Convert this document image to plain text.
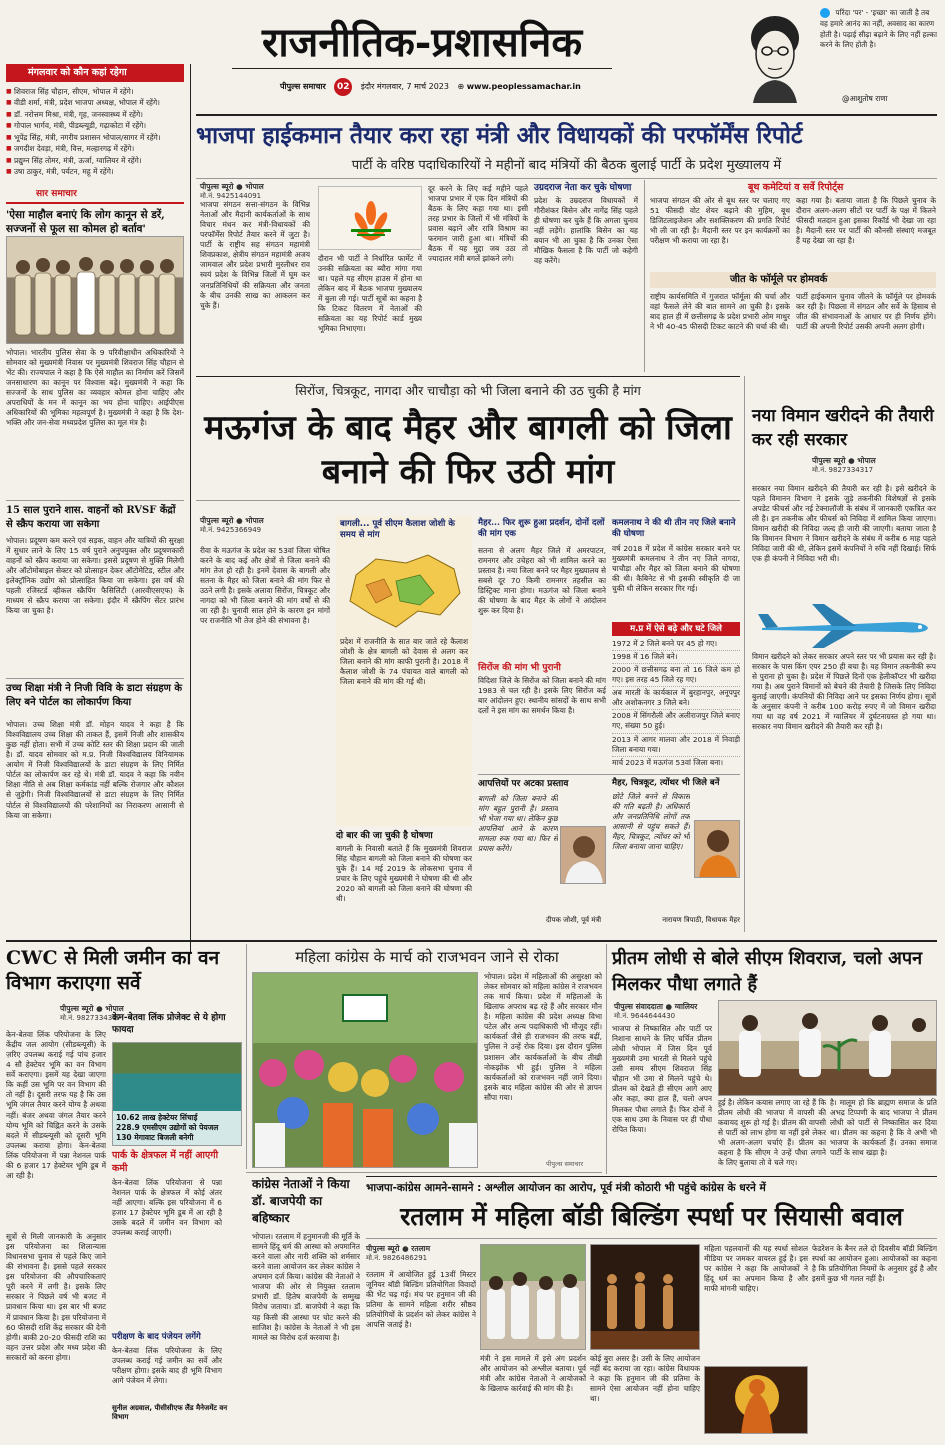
राजनीतिक-प्रशासनिक
पीपुल्स समाचार 02 इंदौर मंगलवार, 7 मार्च 2023 ⊕ www.peoplessamachar.in
परिंदा 'पर' - 'इच्छा' का जाती है तब वह हमारे आनंद का नहीं, अवसाद का कारण होती है। पढ़ाई सीढ़ा बढ़ाने के लिए नहीं हल्का करने के लिए होती है।
@आशुतोष राणा
मंगलवार को कौन कहां रहेगा
■ शिवराज सिंह चौहान, सीएम, भोपाल में रहेंगे।
■ वीडी शर्मा, मंत्री, प्रदेश भाजपा अध्यक्ष, भोपाल में रहेंगे।
■ डॉ. नरोत्तम मिश्रा, मंत्री, गृह, जनस्वास्थ्य में रहेंगे।
■ गोपाल भार्गव, मंत्री, पीडब्ल्यूडी, गढ़ाकोटा में रहेंगे।
■ भूपेंद्र सिंह, मंत्री, नगरीय प्रशासन भोपाल/सागर में रहेंगे।
■ जगदीश देवड़ा, मंत्री, वित्त, मल्हारगढ़ में रहेंगे।
■ प्रद्युम्न सिंह तोमर, मंत्री, ऊर्जा, ग्वालियर में रहेंगे।
■ उषा ठाकुर, मंत्री, पर्यटन, महू में रहेंगे।
सार समाचार
'ऐसा माहौल बनाएं कि लोग कानून से डरें, सज्जनों से फूल सा कोमल हो बर्ताव'
भोपाल। भारतीय पुलिस सेवा के 9 परिवीक्षाधीन अधिकारियों ने सोमवार को मुख्यमंत्री निवास पर मुख्यमंत्री शिवराज सिंह चौहान से भेंट की। राज्यपाल ने कहा है कि ऐसे माहौल का निर्माण करें जिसमें जनसाधारण का कानून पर विश्वास बढ़े। मुख्यमंत्री ने कहा कि सज्जनों के साथ पुलिस का व्यवहार कोमल होना चाहिए और अपराधियों के मन में कानून का भय होना चाहिए। आईपीएस अधिकारियों की भूमिका महत्वपूर्ण है। मुख्यमंत्री ने कहा है कि देश-भक्ति और जन-सेवा मध्यप्रदेश पुलिस का मूल मंत्र है।
15 साल पुराने शास. वाहनों को RVSF केंद्रों से स्क्रैप कराया जा सकेगा
भोपाल। प्रदूषण कम करने एवं सड़क, वाहन और यात्रियों की सुरक्षा में सुधार लाने के लिए 15 वर्ष पुराने अनुपयुक्त और प्रदूषणकारी वाहनों को स्क्रैप कराया जा सकेगा। इससे प्रदूषण से मुक्ति मिलेगी और ऑटोमोबाइल सेक्टर को प्रोत्साहन देकर ऑटोमेटिड, स्टील और इलेक्ट्रॉनिक उद्योग को प्रोत्साहित किया जा सकेगा। इस वर्ष की पहली रजिस्टर्ड व्हीकल स्क्रैपिंग फैसिलिटी (आरवीएसएफ) के माध्यम से स्क्रैप कराया जा सकेगा। इंदौर में स्क्रैपिंग सेंटर प्रारंभ किया जा चुका है।
उच्च शिक्षा मंत्री ने निजी विवि के डाटा संग्रहण के लिए बने पोर्टल का लोकार्पण किया
भोपाल। उच्च शिक्षा मंत्री डॉ. मोहन यादव ने कहा है कि विश्वविद्यालय उच्च शिक्षा की ताकत हैं, इसमें निजी और शासकीय कुछ नहीं होता। सभी में उच्च कोटि स्तर की शिक्षा प्रदान की जाती है। डॉ. यादव सोमवार को म.प्र. निजी विश्वविद्यालय विनियामक आयोग में निजी विश्वविद्यालयों के डाटा संग्रहण के लिए निर्मित पोर्टल का लोकार्पण कर रहे थे। मंत्री डॉ. यादव ने कहा कि नवीन शिक्षा नीति से अब शिक्षा कर्मकांड नहीं बल्कि रोजगार और कौशल से जुड़ेगी। निजी विश्वविद्यालयों से डाटा संग्रहण के लिए निर्मित पोर्टल से विश्वविद्यालयों की परेशानियों का निराकरण आसानी से किया जा सकेगा।
भाजपा हाईकमान तैयार करा रहा मंत्री और विधायकों की परफॉर्मेंस रिपोर्ट
पार्टी के वरिष्ठ पदाधिकारियों ने महीनों बाद मंत्रियों की बैठक बुलाई पार्टी के प्रदेश मुख्यालय में
पीपुल्स ब्यूरो ● भोपाल
मो.नं. 9425144091
भाजपा संगठन सत्ता-संगठन के विभिन्न नेताओं और मैदानी कार्यकर्ताओं के साथ विचार मंथन कर मंत्री-विधायकों की परफॉर्मेंस रिपोर्ट तैयार करने में जुटा है। पार्टी के राष्ट्रीय सह संगठन महामंत्री शिवप्रकाश, क्षेत्रीय संगठन महामंत्री अजय जामवाल और प्रदेश प्रभारी मुरलीधर राव स्वयं प्रदेश के विभिन्न जिलों में घूम कर जनप्रतिनिधियों की सक्रियता और जनता के बीच उनकी साख का आकलन कर चुके हैं।
दौरान भी पार्टी ने निर्धारित फार्मेट में उनकी सक्रियता का ब्यौरा मांगा गया था। पहले यह सीएम हाउस में होना था लेकिन बाद में बैठक भाजपा मुख्यालय में बुला ली गई। पार्टी सूत्रों का कहना है कि टिकट वितरण में नेताओं की सक्रियता का यह रिपोर्ट कार्ड मुख्य भूमिका निभाएगा।
दूर करने के लिए कई महीने पहले भाजपा प्रभार में एक दिन मंत्रियों की बैठक के लिए कहा गया था। इसी तरह प्रभार के जिलों में भी मंत्रियों के प्रवास बढ़ाने और रात्रि विश्राम का फरमान जारी हुआ था। मंत्रियों की बैठक में यह मुद्दा जब उठा तो ज्यादातर मंत्री बगलें झांकने लगे।
उग्रदराज नेता कर चुके घोषणा
प्रदेश के उम्रदराज विधायकों में गौरीशंकर बिसेन और नागेंद्र सिंह पहले ही घोषणा कर चुके हैं कि अगला चुनाव नहीं लड़ेंगे। हालांकि बिसेन का यह बयान भी आ चुका है कि उनका ऐसा मौखिक फैसला है कि पार्टी जो कहेगी वह करेंगे।
बूथ कमेटियां व सर्वे रिपोर्ट्स
भाजपा संगठन की ओर से बूथ स्तर पर चलाए गए 51 फीसदी वोट शेयर बढ़ाने की मुहिम, बूथ डिजिटलाइजेशन और सशक्तिकरण की प्रगति रिपोर्ट भी ली जा रही है। मैदानी स्तर पर इन कार्यक्रमों का परीक्षण भी कराया जा रहा है।
कहा गया है। बताया जाता है कि पिछले चुनाव के दौरान अलग-अलग सीटों पर पार्टी के पक्ष में कितने फीसदी मतदान हुआ इसका रिकॉर्ड भी देखा जा रहा है। मैदानी स्तर पर पार्टी की कौनसी संस्थाएं मजबूत हैं यह देखा जा रहा है।
जीत के फॉर्मूले पर होमवर्क
राष्ट्रीय कार्यसमिति में गुजरात फॉर्मूला की चर्चा और वहां फैसले लेने की बात सामने आ चुकी है। इसके बाद हाल ही में छत्तीसगढ़ के प्रदेश प्रभारी ओम माथुर ने भी 40-45 फीसदी टिकट काटने की चर्चा की थी।
पार्टी हाईकमान चुनाव जीतने के फॉर्मूले पर होमवर्क कर रही है। पिछला में संगठन और सर्वे के हिसाब से जीत की संभावनाओं के आधार पर ही निर्णय होंगे। पार्टी की अपनी रिपोर्ट उसकी अपनी अलग होगी।
सिरोंज, चित्रकूट, नागदा और चाचौड़ा को भी जिला बनाने की उठ चुकी है मांग
मऊगंज के बाद मैहर और बागली को जिला बनाने की फिर उठी मांग
पीपुल्स ब्यूरो ● भोपाल
मो.नं. 9425366949
रीवा के मऊगंज के प्रदेश का 53वां जिला घोषित करने के बाद कई और क्षेत्रों से जिला बनाने की मांग तेज हो रही है। इनमें देवास के बागली और सतना के मैहर को जिला बनाने की मांग फिर से उठने लगी है। इसके अलावा सिरोंज, चित्रकूट और नागदा को भी जिला बनाने की मांग वर्षों से की जा रही है। चुनावी साल होने के कारण इन मांगों पर राजनीति भी तेज होने की संभावना है।
बागली... पूर्व सीएम कैलाश जोशी के समय से मांग
प्रदेश में राजनीति के सात बार जाते रहे कैलाश जोशी के क्षेत्र बागली को देवास से अलग कर जिला बनाने की मांग काफी पुरानी है। 2018 में कैलाश जोशी के 74 पंचायत वाले बागली को जिला बनाने की मांग की गई थी।
दो बार की जा चुकी है घोषणा
बागली के निवासी बताते हैं कि मुख्यमंत्री शिवराज सिंह चौहान बागली को जिला बनाने की घोषणा कर चुके हैं। 14 मई 2019 के लोकसभा चुनाव में प्रचार के लिए पहुंचे मुख्यमंत्री ने घोषणा की थी और 2020 को बागली को जिला बनाने की घोषणा की थी।
मैहर... फिर शुरू हुआ प्रदर्शन, दोनों दलों की मांग एक
सतना से अलग मैहर जिले में अमरपाटन, रामनगर और उचेहरा को भी शामिल करने का प्रस्ताव है। नया जिला बनने पर मैहर मुख्यालय से सबसे दूर 70 किमी रामनगर तहसील का डिस्ट्रिक्ट माना होगा। मऊगंज को जिला बनाने की घोषणा के बाद मैहर के लोगों ने आंदोलन शुरू कर दिया है।
सिरोंज की मांग भी पुरानी
विदिशा जिले के सिरोंज को जिला बनाने की मांग 1983 से चल रही है। इसके लिए सिरोंज कई बार आंदोलन हुए। स्थानीय सांसदों के साथ सभी दलों ने इस मांग का समर्थन किया है।
कमलनाथ ने की थी तीन नए जिले बनाने की घोषणा
वर्ष 2018 में प्रदेश में कांग्रेस सरकार बनने पर मुख्यमंत्री कमलनाथ ने तीन नए जिले नागदा, चाचौड़ा और मैहर को जिला बनाने की घोषणा की थी। कैबिनेट से भी इसकी स्वीकृति दी जा चुकी थी लेकिन सरकार गिर गई।
म.प्र में ऐसे बढ़े और घटे जिले
1972 में 2 जिले बनने पर 45 हो गए।
1998 में 16 जिले बने।
2000 में छत्तीसगढ़ बना तो 16 जिले कम हो गए। इस तरह 45 जिले रह गए।
अब मारती के कार्यकाल में बुरहानपुर, अनूपपुर और अशोकनगर 3 जिले बने।
2008 में सिंगरौली और अलीराजपुर जिले बनाए गए, संख्या 50 हुई।
2013 में आगर मालवा और 2018 में निवाड़ी जिला बनाया गया।
मार्च 2023 में मऊगंज 53वां जिला बना।
आपत्तियों पर अटका प्रस्ताव
बागली को जिला बनाने की मांग बहुत पुरानी है। प्रस्ताव भी भेजा गया था। लेकिन कुछ आपत्तियां आने के कारण मामला रुक गया था। फिर से प्रयास करेंगे।
दीपक जोशी, पूर्व मंत्री
मैहर, चित्रकूट, त्योंथर भी जिले बनें
छोटे जिले बनने से विकास की गति बढ़ती है। अधिकारी और जनप्रतिनिधि लोगों तक आसानी से पहुंच सकते हैं। मैहर, चित्रकूट, त्योंथर को भी जिला बनाया जाना चाहिए।
नारायण त्रिपाठी, विधायक मैहर
नया विमान खरीदने की तैयारी कर रही सरकार
पीपुल्स ब्यूरो ● भोपाल
मो.नं. 9827334317
सरकार नया विमान खरीदने की तैयारी कर रही है। इसे खरीदने के पहले विमानन विभाग ने इसके जुड़े तकनीकी विशेषज्ञों से इसके अपडेट फीचर्स और नई टेक्नालॉजी के संबंध में जानकारी एकत्रित कर ली है। इन तकनीक और फीचर्स को निविदा में शामिल किया जाएगा। विमान खरीदी की निविदा जल्द ही जारी की जाएगी। बताया जाता है कि विमानन विभाग ने विमान खरीदने के संबंध में करीब 6 माह पहले निविदा जारी की थी, लेकिन इसमें कंपनियों ने रुचि नहीं दिखाई। सिर्फ एक ही कंपनी ने निविदा भरी थी।
विमान खरीदने को लेकर सरकार अपने स्तर पर भी प्रयास कर रही है। सरकार के पास किंग एयर 250 ही बचा है। यह विमान तकनीकी रूप से पुराना हो चुका है। प्रदेश में पिछले दिनों एक हेलीकॉप्टर भी खरीदा गया है। अब पुराने विमानों को बेचने की तैयारी है जिसके लिए निविदा बुलाई जाएगी। कंपनियों की निविदा आने पर इसका निर्णय होगा। सूत्रों के अनुसार कंपनी ने करीब 100 करोड़ रुपए में जो विमान खरीदा गया था वह वर्ष 2021 में ग्वालियर में दुर्घटनाग्रस्त हो गया था। सरकार नया विमान खरीदने की तैयारी कर रही है।
CWC से मिली जमीन का वन विभाग कराएगा सर्वे
पीपुल्स ब्यूरो ● भोपाल
मो.नं. 9827334317
केन-बेतवा लिंक परियोजना के लिए केंद्रीय जल आयोग (सीडब्ल्यूसी) के ज़रिए उपलब्ध कराई गई पांच हजार 4 सौ हेक्टेयर भूमि का वन विभाग सर्वे कराएगा। इसमें यह देखा जाएगा कि कहीं उस भूमि पर वन विभाग की तो नहीं है। दूसरी तरफ यह है कि उस भूमि जंगल तैयार करने योग्य है अथवा नहीं। बंजर अथवा जंगल तैयार करने योग्य भूमि को चिह्नित करने के उसके बदले में सीडब्ल्यूसी को दूसरी भूमि उपलब्ध कराया होगा। केन-बेतवा लिंक परियोजना में पन्ना नेशनल पार्क की 6 हजार 17 हेक्टेयर भूमि डूब में आ रही है।
सूत्रों से मिली जानकारी के अनुसार इस परियोजना का शिलान्यास विधानसभा चुनाव से पहले किए जाने की संभावना है। इससे पहले सरकार इस परियोजना की औपचारिकताएं पूरी करने में लगी है। इसके लिए सरकार ने पिछले वर्ष भी बजट में प्रावधान किया था। इस बार भी बजट में प्रावधान किया है। इस परियोजना में 60 फीसदी राशि केंद्र सरकार की देनी होगी। बाकी 20-20 फीसदी राशि का वहन उत्तर प्रदेश और मध्य प्रदेश की सरकारों को करना होगा।
केन-बेतवा लिंक प्रोजेक्ट से ये होगा फायदा
10.62 लाख हेक्टेयर सिंचाई
228.9 एमसीएम उद्योगों को पेयजल
130 मेगावाट बिजली बनेगी
पार्क के क्षेत्रफल में नहीं आएगी कमी
केन-बेतवा लिंक परियोजना से पन्ना नेशनल पार्क के क्षेत्रफल में कोई अंतर नहीं आएगा। बल्कि इस परियोजना में 6 हजार 17 हेक्टेयर भूमि डूब में आ रही है उसके बदले में जमीन वन विभाग को उपलब्ध कराई जाएगी।
परीक्षण के बाद पंजेयन लगेंगे
केन-बेतवा लिंक परियोजना के लिए उपलब्ध कराई गई जमीन का सर्वे और परीक्षण होगा। इसके बाद ही भूमि विभाग आगे पंजेयन में लेगा।
सुनील अग्रवाल, पीसीसीएफ लैंड मैनेजमेंट वन विभाग
महिला कांग्रेस के मार्च को राजभवन जाने से रोका
भोपाल। प्रदेश में महिलाओं की असुरक्षा को लेकर सोमवार को महिला कांग्रेस ने राजभवन तक मार्च किया। प्रदेश में महिलाओं के खिलाफ अपराध बढ़ रहे हैं और सरकार मौन है। महिला कांग्रेस की प्रदेश अध्यक्ष विभा पटेल और अन्य पदाधिकारी भी मौजूद रहीं। कार्यकर्ता जैसे ही राजभवन की तरफ बढ़ीं, पुलिस ने उन्हें रोक दिया। इस दौरान पुलिस प्रशासन और कार्यकर्ताओं के बीच तीखी नोकझोंक भी हुई। पुलिस ने महिला कार्यकर्ताओं को राजभवन नहीं जाने दिया। इसके बाद महिला कांग्रेस की ओर से ज्ञापन सौंपा गया।
पीपुल्स समाचार
कांग्रेस नेताओं ने किया डॉ. बाजपेयी का बहिष्कार
भोपाल। रतलाम में हनुमानजी की मूर्ति के सामने हिंदू धर्म की आस्था को अपमानित करने वाला और नारी शक्ति को शर्मसार करने वाला आयोजन कर लेकर कांग्रेस ने अपमान दर्ज किया। कांग्रेस की नेताओं ने भाजपा की ओर से नियुक्त रतलाम प्रभारी डॉ. हितेष बाजपेयी के सम्मुख विरोध जताया। डॉ. बाजपेयी ने कहा कि यह किसी की आस्था पर चोट करने की साजिश है। कांग्रेस के नेताओं ने भी इस मामले का विरोध दर्ज करवाया है।
प्रीतम लोधी से बोले सीएम शिवराज, चलो अपन मिलकर पौधा लगाते हैं
पीपुल्स संवाददाता ● ग्वालियर
मो.नं. 9644644430
भाजपा से निष्कासित और पार्टी पर निशाना साधने के लिए चर्चित प्रीतम लोधी भोपाल में जिस दिन पूर्व मुख्यमंत्री उमा भारती से मिलने पहुंचे उसी समय सीएम शिवराज सिंह चौहान भी उमा से मिलने पहुंचे थे। प्रीतम को देखते ही सीएम आगे आए और कहा, क्या हाल हैं, चलो अपन मिलकर पौधा लगाते हैं। फिर दोनों ने एक साथ उमा के निवास पर ही पौधा रोपित किया।
हुई है। लेकिन कयास लगाए जा रहे हैं कि प्रीतम लोधी की भाजपा में वापसी की कवायद शुरू हो गई है। प्रीतम की वापसी से पार्टी को लाभ होगा या नहीं इसे लेकर भी अलग-अलग चर्चाएं हैं। प्रीतम का कहना है कि सीएम ने उन्हें पौधा लगाने के लिए बुलाया तो वे चले गए।
है। मालूम हो कि ब्राह्मण समाज के प्रति अभद्र टिप्पणी के बाद भाजपा ने प्रीतम लोधी को पार्टी से निष्कासित कर दिया था। प्रीतम का कहना है कि वे अभी भी भाजपा के कार्यकर्ता हैं। उनका समाज पार्टी के साथ खड़ा है।
भाजपा-कांग्रेस आमने-सामने : अश्लील आयोजन का आरोप, पूर्व मंत्री कोठारी भी पहुंचे कांग्रेस के धरने में
रतलाम में महिला बॉडी बिल्डिंग स्पर्धा पर सियासी बवाल
पीपुल्स ब्यूरो ● रतलाम
मो.नं. 9826486291
रतलाम में आयोजित हुई 13वीं मिस्टर जूनियर बॉडी बिल्डिंग प्रतियोगिता विवादों की भेंट चढ़ गई। मंच पर हनुमान जी की प्रतिमा के सामने महिला शरीर सौष्ठव प्रतियोगियों के प्रदर्शन को लेकर कांग्रेस ने आपत्ति जताई है।
मंत्री ने इस मामले में इसे अंग प्रदर्शन और आयोजन को अश्लील बताया। पूर्व मंत्री और कांग्रेस नेताओं ने आयोजकों के खिलाफ कार्रवाई की मांग की है।
कोई बुरा असर है। उसी के लिए आयोजन नहीं बंद कराया जा रहा। कांग्रेस विधायक ने कहा कि हनुमान जी की प्रतिमा के सामने ऐसा आयोजन नहीं होना चाहिए था।
महिला पहलवानों की यह स्पर्धा सोशल मीडिया पर जमकर वायरल हुई है। इस पर कांग्रेस ने कहा कि आयोजकों ने हिंदू धर्म का अपमान किया है और माफी मांगनी चाहिए।
फेडरेशन के बैनर तले दो दिवसीय बॉडी बिल्डिंग स्पर्धा का आयोजन हुआ। आयोजकों का कहना है कि प्रतियोगिता नियमों के अनुसार हुई है और इसमें कुछ भी गलत नहीं है।
